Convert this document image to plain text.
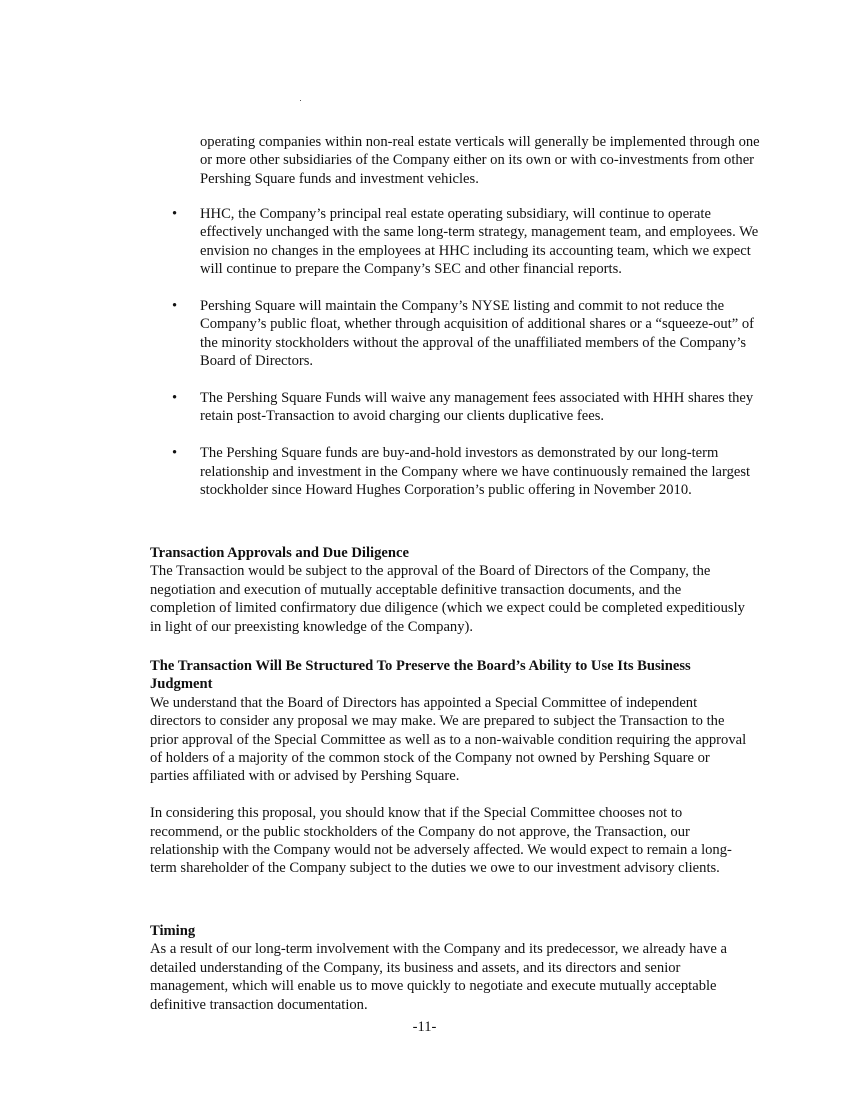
operating companies within non-real estate verticals will generally be implemented through one or more other subsidiaries of the Company either on its own or with co-investments from other Pershing Square funds and investment vehicles.

•	HHC, the Company’s principal real estate operating subsidiary, will continue to operate effectively unchanged with the same long-term strategy, management team, and employees. We envision no changes in the employees at HHC including its accounting team, which we expect will continue to prepare the Company’s SEC and other financial reports.
•	Pershing Square will maintain the Company’s NYSE listing and commit to not reduce the Company’s public float, whether through acquisition of additional shares or a “squeeze-out” of the minority stockholders without the approval of the unaffiliated members of the Company’s Board of Directors.
•	The Pershing Square Funds will waive any management fees associated with HHH shares they retain post-Transaction to avoid charging our clients duplicative fees.
•	The Pershing Square funds are buy-and-hold investors as demonstrated by our long-term relationship and investment in the Company where we have continuously remained the largest stockholder since Howard Hughes Corporation’s public offering in November 2010.

Transaction Approvals and Due Diligence

The Transaction would be subject to the approval of the Board of Directors of the Company, the negotiation and execution of mutually acceptable definitive transaction documents, and the completion of limited confirmatory due diligence (which we expect could be completed expeditiously in light of our preexisting knowledge of the Company).

The Transaction Will Be Structured To Preserve the Board’s Ability to Use Its Business Judgment

We understand that the Board of Directors has appointed a Special Committee of independent directors to consider any proposal we may make. We are prepared to subject the Transaction to the prior approval of the Special Committee as well as to a non-waivable condition requiring the approval of holders of a majority of the common stock of the Company not owned by Pershing Square or parties affiliated with or advised by Pershing Square.

In considering this proposal, you should know that if the Special Committee chooses not to recommend, or the public stockholders of the Company do not approve, the Transaction, our relationship with the Company would not be adversely affected. We would expect to remain a long-term shareholder of the Company subject to the duties we owe to our investment advisory clients.

Timing

As a result of our long-term involvement with the Company and its predecessor, we already have a detailed understanding of the Company, its business and assets, and its directors and senior management, which will enable us to move quickly to negotiate and execute mutually acceptable definitive transaction documentation.

-11-
